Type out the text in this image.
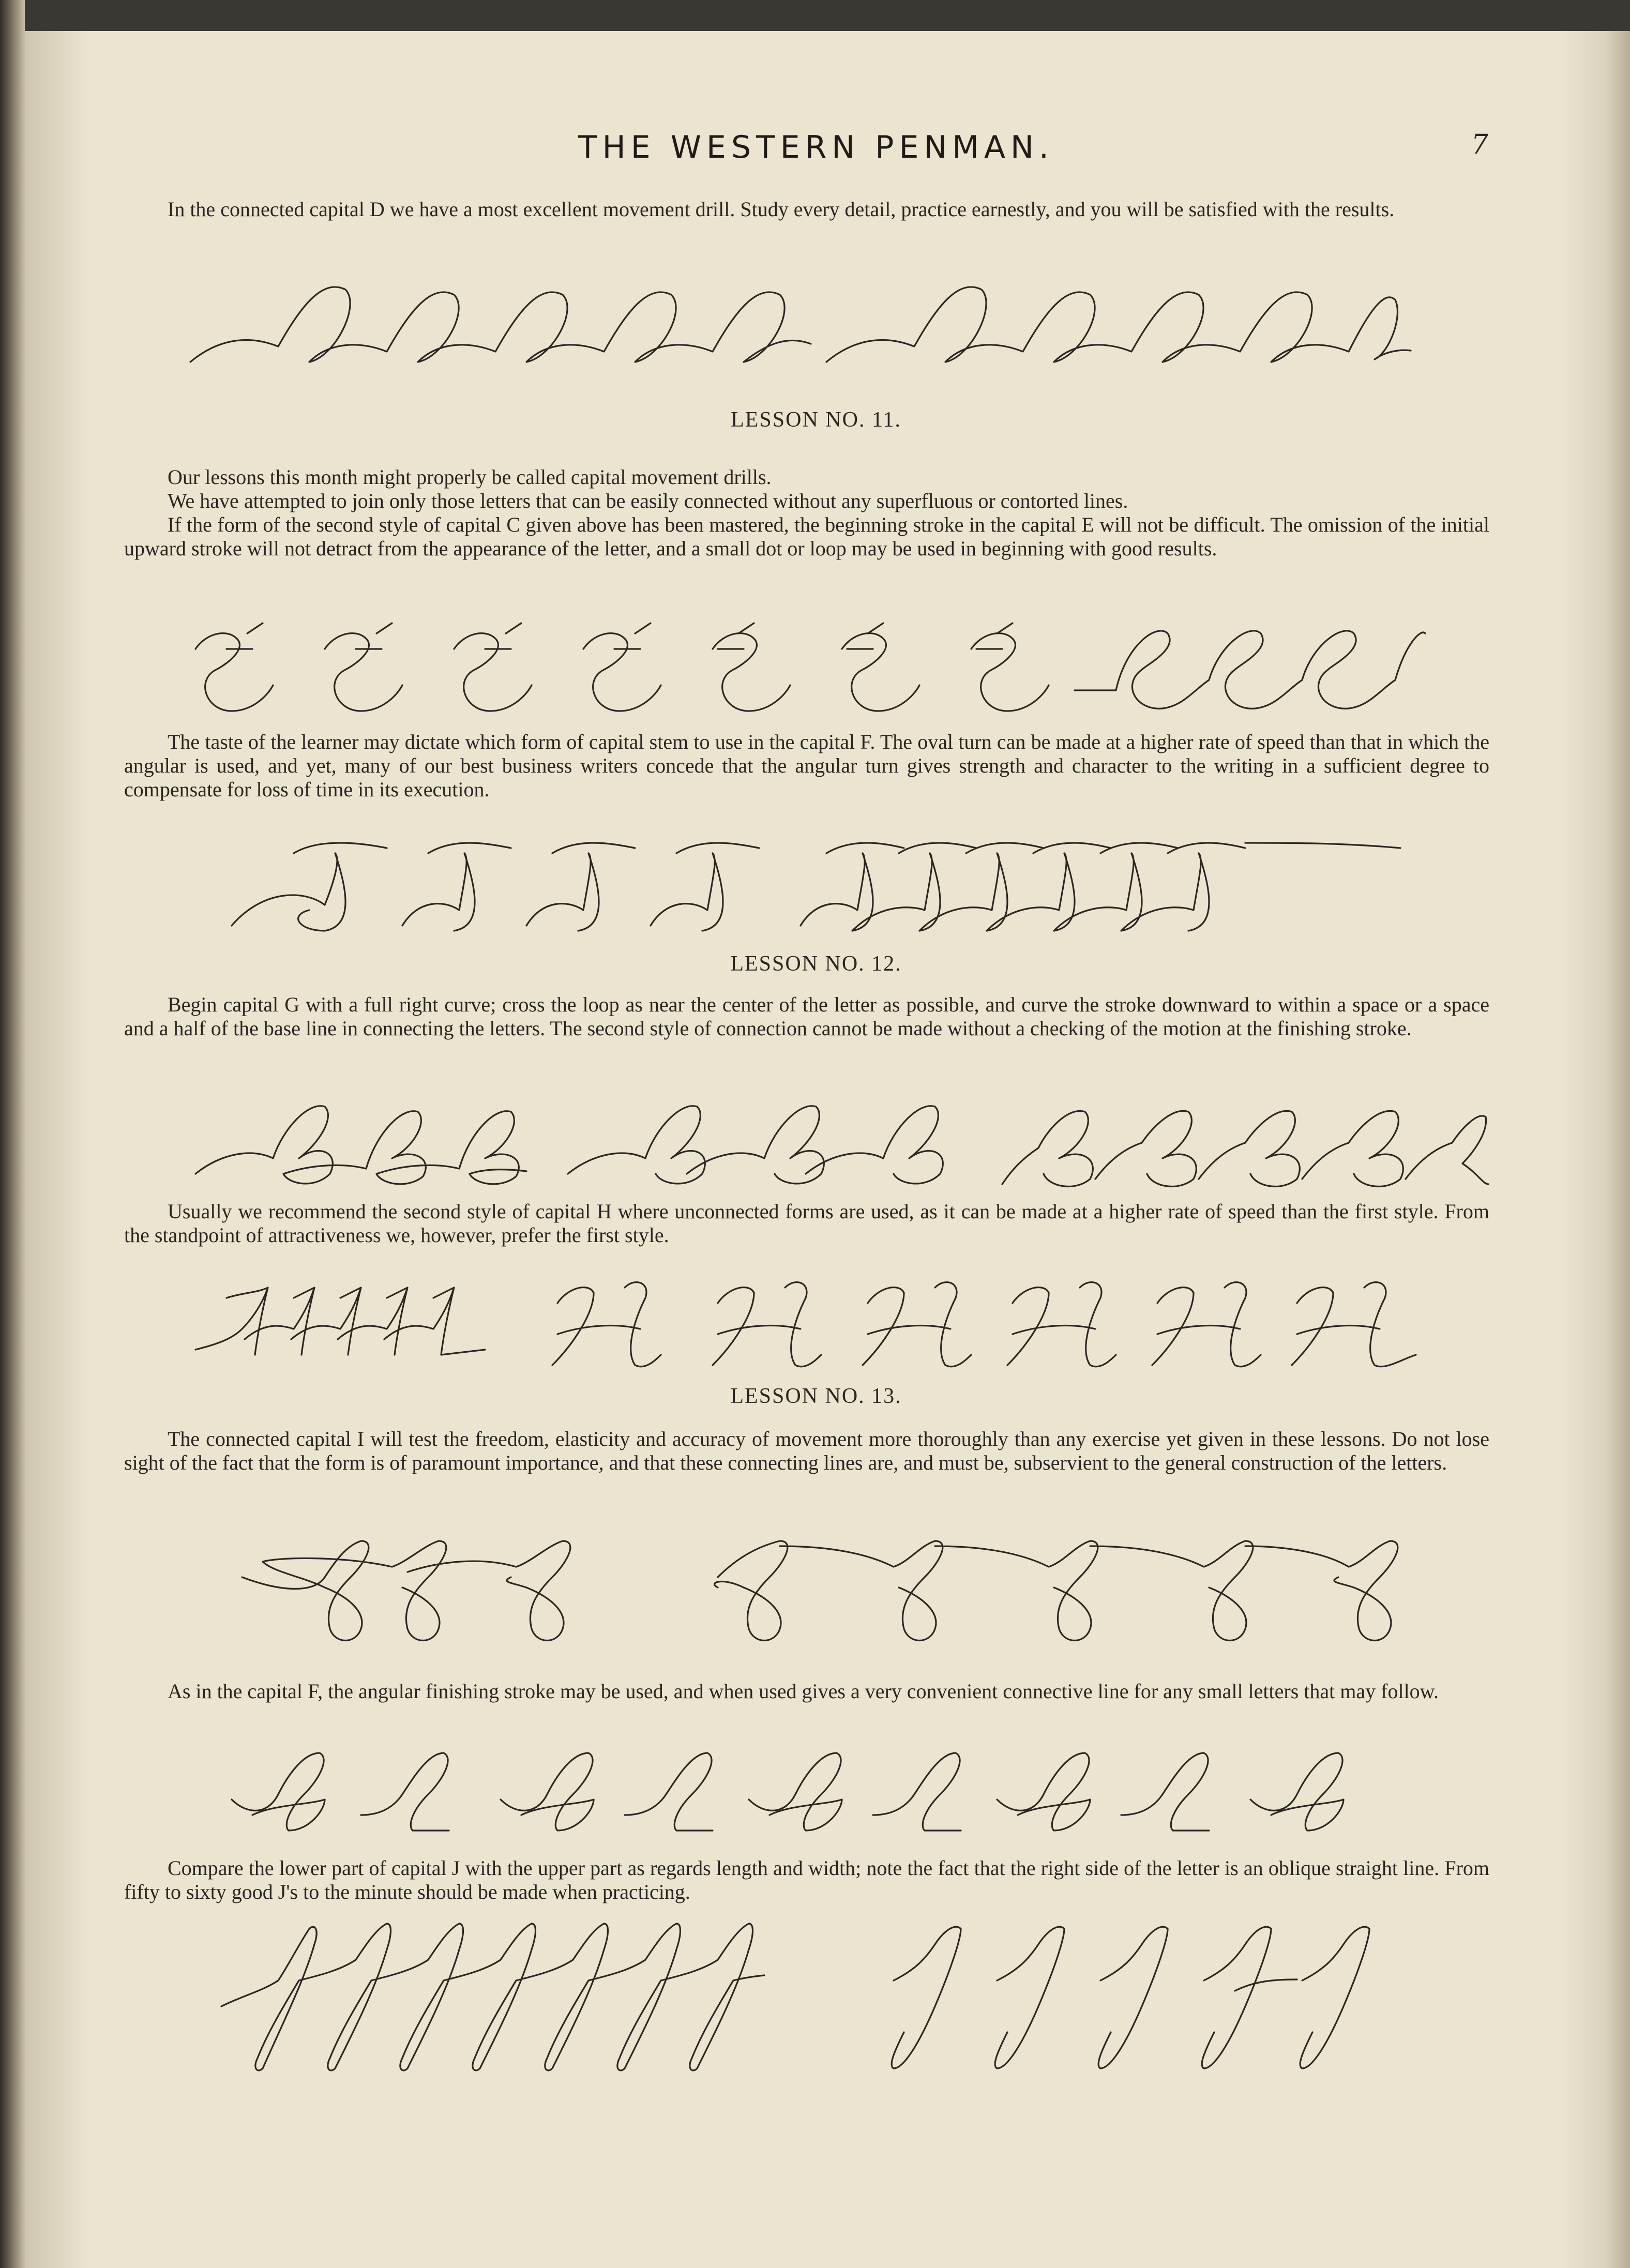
THE WESTERN PENMAN.	7

In the connected capital D we have a most excellent movement drill. Study every detail, practice earnestly, and you will be satisfied with the results.

LESSON NO. 11.

Our lessons this month might properly be called capital movement drills.

We have attempted to join only those letters that can be easily connected without any superfluous or contorted lines.

If the form of the second style of capital C given above has been mastered, the beginning stroke in the capital E will not be difficult. The omission of the initial upward stroke will not detract from the appearance of the letter, and a small dot or loop may be used in beginning with good results.

The taste of the learner may dictate which form of capital stem to use in the capital F. The oval turn can be made at a higher rate of speed than that in which the angular is used, and yet, many of our best business writers concede that the angular turn gives strength and character to the writing in a sufficient degree to compensate for loss of time in its execution.

LESSON NO. 12.

Begin capital G with a full right curve; cross the loop as near the center of the letter as possible, and curve the stroke downward to within a space or a space and a half of the base line in connecting the letters. The second style of connection cannot be made without a checking of the motion at the finishing stroke.

Usually we recommend the second style of capital H where unconnected forms are used, as it can be made at a higher rate of speed than the first style. From the standpoint of attractiveness we, however, prefer the first style.

LESSON NO. 13.

The connected capital I will test the freedom, elasticity and accuracy of movement more thoroughly than any exercise yet given in these lessons. Do not lose sight of the fact that the form is of paramount importance, and that these connecting lines are, and must be, subservient to the general construction of the letters.

As in the capital F, the angular finishing stroke may be used, and when used gives a very convenient connective line for any small letters that may follow.

Compare the lower part of capital J with the upper part as regards length and width; note the fact that the right side of the letter is an oblique straight line. From fifty to sixty good J's to the minute should be made when practicing.
